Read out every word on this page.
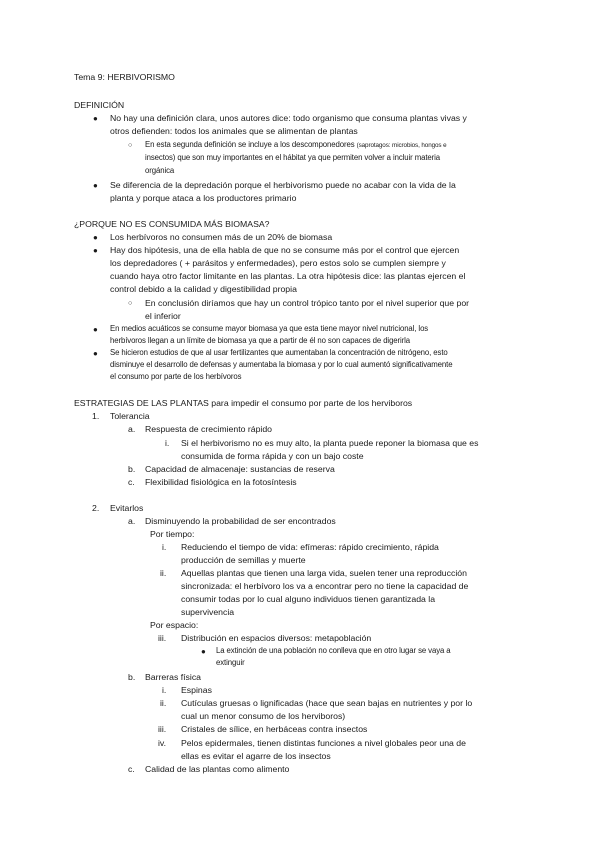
Tema 9: HERBIVORISMO
DEFINICIÓN
● No hay una definición clara, unos autores dice: todo organismo que consuma plantas vivas y
otros defienden: todos los animales que se alimentan de plantas
○ En esta segunda definición se incluye a los descomponedores (saprotagos: microbios, hongos e
insectos) que son muy importantes en el hábitat ya que permiten volver a incluir materia
orgánica
● Se diferencia de la depredación porque el herbivorismo puede no acabar con la vida de la
planta y porque ataca a los productores primario
¿PORQUE NO ES CONSUMIDA MÁS BIOMASA?
● Los herbívoros no consumen más de un 20% de biomasa
● Hay dos hipótesis, una de ella habla de que no se consume más por el control que ejercen
los depredadores ( + parásitos y enfermedades), pero estos solo se cumplen siempre y
cuando haya otro factor limitante en las plantas. La otra hipótesis dice: las plantas ejercen el
control debido a la calidad y digestibilidad propia
○ En conclusión diríamos que hay un control trópico tanto por el nivel superior que por
el inferior
● En medios acuáticos se consume mayor biomasa ya que esta tiene mayor nivel nutricional, los
herbívoros llegan a un límite de biomasa ya que a partir de él no son capaces de digerirla
● Se hicieron estudios de que al usar fertilizantes que aumentaban la concentración de nitrógeno, esto
disminuye el desarrollo de defensas y aumentaba la biomasa y por lo cual aumentó significativamente
el consumo por parte de los herbívoros
ESTRATEGIAS DE LAS PLANTAS para impedir el consumo por parte de los herviboros
1. Tolerancia
a. Respuesta de crecimiento rápido
i. Si el herbivorismo no es muy alto, la planta puede reponer la biomasa que es
consumida de forma rápida y con un bajo coste
b. Capacidad de almacenaje: sustancias de reserva
c. Flexibilidad fisiológica en la fotosíntesis
2. Evitarlos
a. Disminuyendo la probabilidad de ser encontrados
Por tiempo:
i. Reduciendo el tiempo de vida: efímeras: rápido crecimiento, rápida
producción de semillas y muerte
ii. Aquellas plantas que tienen una larga vida, suelen tener una reproducción
sincronizada: el herbívoro los va a encontrar pero no tiene la capacidad de
consumir todas por lo cual alguno individuos tienen garantizada la
supervivencia
Por espacio:
iii. Distribución en espacios diversos: metapoblación
● La extinción de una población no conlleva que en otro lugar se vaya a
extinguir
b. Barreras física
i. Espinas
ii. Cutículas gruesas o lignificadas (hace que sean bajas en nutrientes y por lo
cual un menor consumo de los herviboros)
iii. Cristales de sílice, en herbáceas contra insectos
iv. Pelos epidermales, tienen distintas funciones a nivel globales peor una de
ellas es evitar el agarre de los insectos
c. Calidad de las plantas como alimento
